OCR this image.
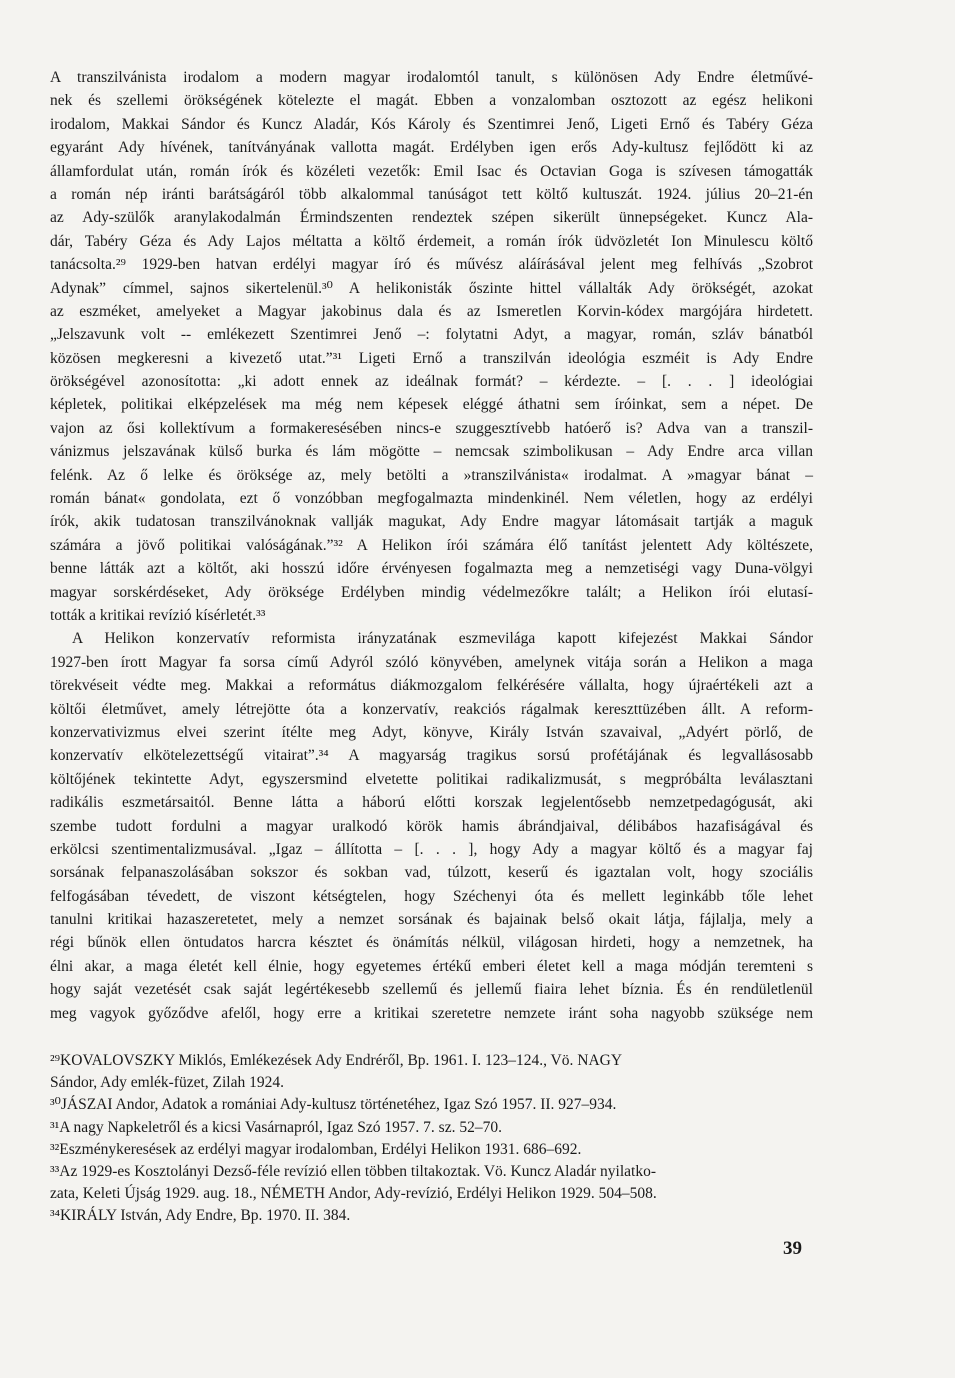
A transzilvánista irodalom a modern magyar irodalomtól tanult, s különösen Ady Endre életművé-
nek és szellemi örökségének kötelezte el magát. Ebben a vonzalomban osztozott az egész helikoni
irodalom, Makkai Sándor és Kuncz Aladár, Kós Károly és Szentimrei Jenő, Ligeti Ernő és Tabéry Géza
egyaránt Ady hívének, tanítványának vallotta magát. Erdélyben igen erős Ady-kultusz fejlődött ki az
államfordulat után, román írók és közéleti vezetők: Emil Isac és Octavian Goga is szívesen támogatták
a román nép iránti barátságáról több alkalommal tanúságot tett költő kultuszát. 1924. július 20–21-én
az Ady-szülők aranylakodalmán Érmindszenten rendeztek szépen sikerült ünnepségeket. Kuncz Ala-
dár, Tabéry Géza és Ady Lajos méltatta a költő érdemeit, a román írók üdvözletét Ion Minulescu költő
tanácsolta.²⁹ 1929-ben hatvan erdélyi magyar író és művész aláírásával jelent meg felhívás „Szobrot
Adynak” címmel, sajnos sikertelenül.³⁰ A helikonisták őszinte hittel vállalták Ady örökségét, azokat
az eszméket, amelyeket a Magyar jakobinus dala és az Ismeretlen Korvin-kódex margójára hirdetett.
„Jelszavunk volt -- emlékezett Szentimrei Jenő –: folytatni Adyt, a magyar, román, szláv bánatból
közösen megkeresni a kivezető utat.”³¹ Ligeti Ernő a transzilván ideológia eszméit is Ady Endre
örökségével azonosította: „ki adott ennek az ideálnak formát? – kérdezte. – [. . . ] ideológiai
képletek, politikai elképzelések ma még nem képesek eléggé áthatni sem íróinkat, sem a népet. De
vajon az ősi kollektívum a formakeresésében nincs-e szuggesztívebb hatóerő is? Adva van a transzil-
vánizmus jelszavának külső burka és lám mögötte – nemcsak szimbolikusan – Ady Endre arca villan
felénk. Az ő lelke és öröksége az, mely betölti a »transzilvánista« irodalmat. A »magyar bánat –
román bánat« gondolata, ezt ő vonzóbban megfogalmazta mindenkinél. Nem véletlen, hogy az erdélyi
írók, akik tudatosan transzilvánoknak vallják magukat, Ady Endre magyar látomásait tartják a maguk
számára a jövő politikai valóságának.”³² A Helikon írói számára élő tanítást jelentett Ady költészete,
benne látták azt a költőt, aki hosszú időre érvényesen fogalmazta meg a nemzetiségi vagy Duna-völgyi
magyar sorskérdéseket, Ady öröksége Erdélyben mindig védelmezőkre talált; a Helikon írói elutasí-
tották a kritikai revízió kísérletét.³³
A Helikon konzervatív reformista irányzatának eszmevilága kapott kifejezést Makkai Sándor
1927-ben írott Magyar fa sorsa című Adyról szóló könyvében, amelynek vitája során a Helikon a maga
törekvéseit védte meg. Makkai a református diákmozgalom felkérésére vállalta, hogy újraértékeli azt a
költői életművet, amely létrejötte óta a konzervatív, reakciós rágalmak kereszttüzében állt. A reform-
konzervativizmus elvei szerint ítélte meg Adyt, könyve, Király István szavaival, „Adyért pörlő, de
konzervatív elkötelezettségű vitairat”.³⁴ A magyarság tragikus sorsú profétájának és legvallásosabb
költőjének tekintette Adyt, egyszersmind elvetette politikai radikalizmusát, s megpróbálta leválasztani
radikális eszmetársaitól. Benne látta a háború előtti korszak legjelentősebb nemzetpedagógusát, aki
szembe tudott fordulni a magyar uralkodó körök hamis ábrándjaival, délibábos hazafiságával és
erkölcsi szentimentalizmusával. „Igaz – állította – [. . . ], hogy Ady a magyar költő és a magyar faj
sorsának felpanaszolásában sokszor és sokban vad, túlzott, keserű és igaztalan volt, hogy szociális
felfogásában tévedett, de viszont kétségtelen, hogy Széchenyi óta és mellett leginkább tőle lehet
tanulni kritikai hazaszeretetet, mely a nemzet sorsának és bajainak belső okait látja, fájlalja, mely a
régi bűnök ellen öntudatos harcra késztet és önámítás nélkül, világosan hirdeti, hogy a nemzetnek, ha
élni akar, a maga életét kell élnie, hogy egyetemes értékű emberi életet kell a maga módján teremteni s
hogy saját vezetését csak saját legértékesebb szellemű és jellemű fiaira lehet bíznia. És én rendületlenül
meg vagyok győződve afelől, hogy erre a kritikai szeretetre nemzete iránt soha nagyobb szüksége nem
²⁹KOVALOVSZKY Miklós, Emlékezések Ady Endréről, Bp. 1961. I. 123–124., Vö. NAGY
Sándor, Ady emlék-füzet, Zilah 1924.
³⁰JÁSZAI Andor, Adatok a romániai Ady-kultusz történetéhez, Igaz Szó 1957. II. 927–934.
³¹A nagy Napkeletről és a kicsi Vasárnapról, Igaz Szó 1957. 7. sz. 52–70.
³²Eszménykeresések az erdélyi magyar irodalomban, Erdélyi Helikon 1931. 686–692.
³³Az 1929-es Kosztolányi Dezső-féle revízió ellen többen tiltakoztak. Vö. Kuncz Aladár nyilatko-
zata, Keleti Újság 1929. aug. 18., NÉMETH Andor, Ady-revízió, Erdélyi Helikon 1929. 504–508.
³⁴KIRÁLY István, Ady Endre, Bp. 1970. II. 384.
39
